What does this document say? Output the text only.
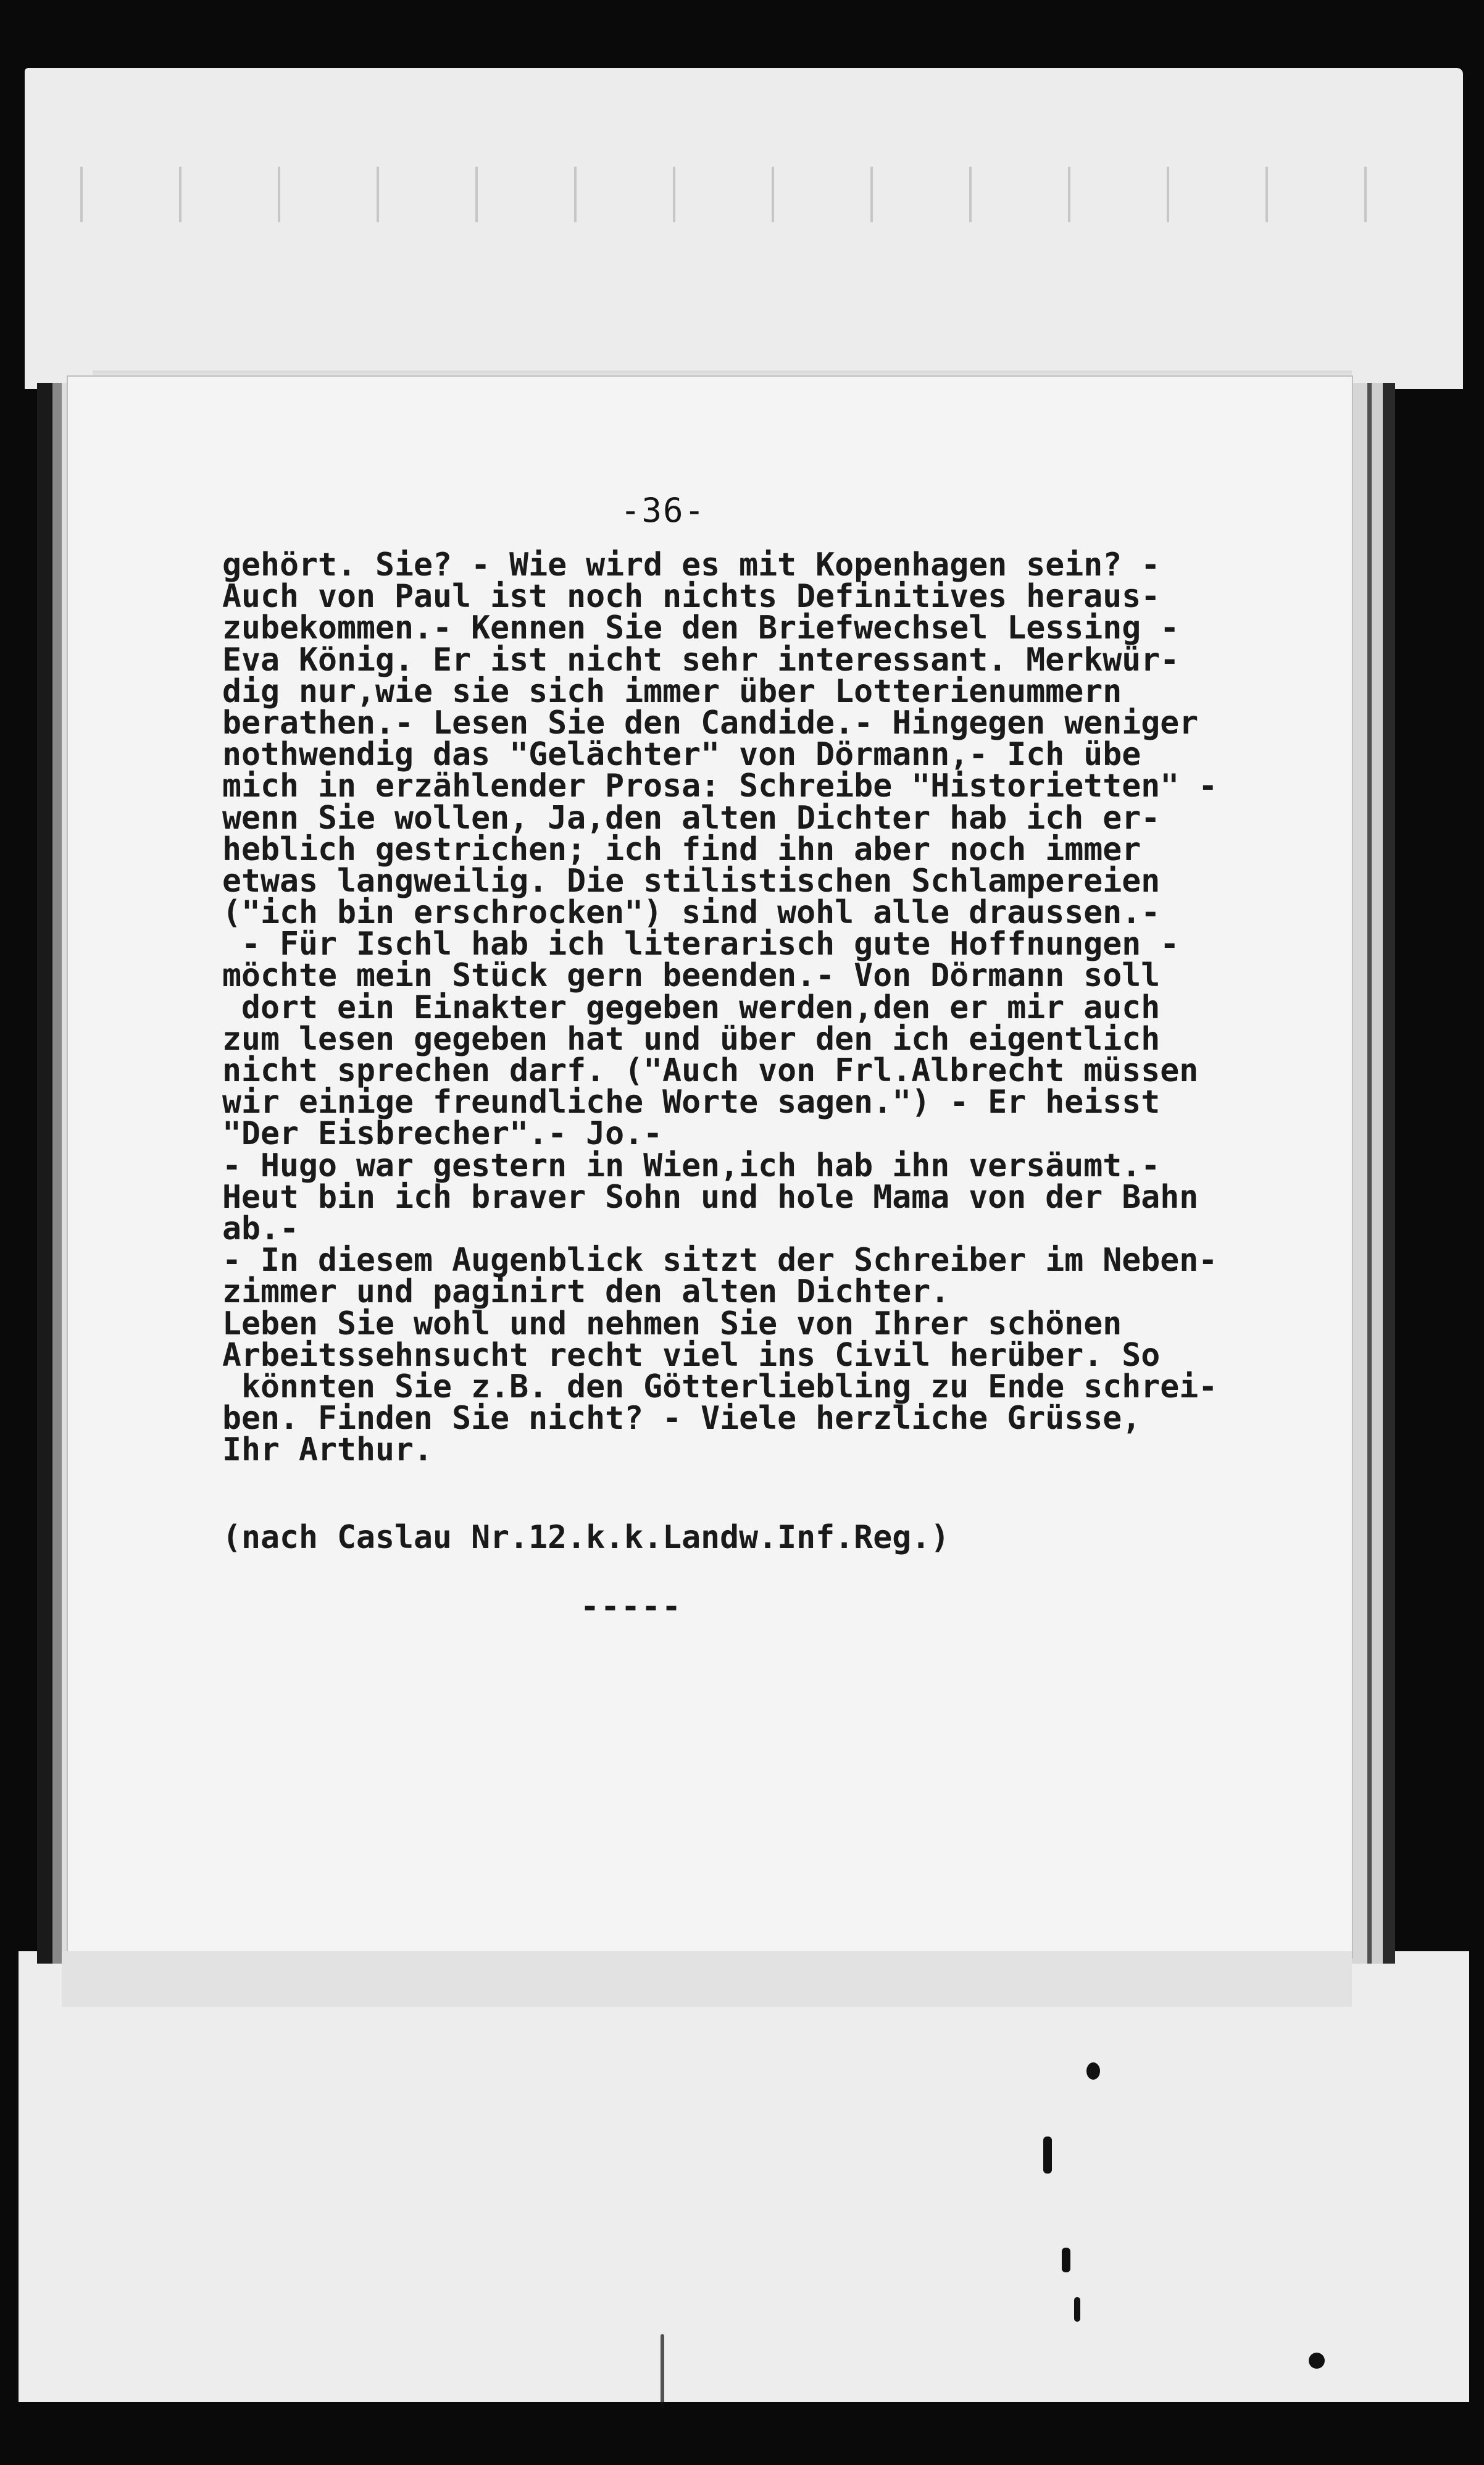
-36-
gehört. Sie? - Wie wird es mit Kopenhagen sein? -
Auch von Paul ist noch nichts Definitives heraus-
zubekommen.- Kennen Sie den Briefwechsel Lessing -
Eva König. Er ist nicht sehr interessant. Merkwür-
dig nur,wie sie sich immer über Lotterienummern
berathen.- Lesen Sie den Candide.- Hingegen weniger
nothwendig das "Gelächter" von Dörmann,- Ich übe
mich in erzählender Prosa: Schreibe "Historietten" -
wenn Sie wollen, Ja,den alten Dichter hab ich er-
heblich gestrichen; ich find ihn aber noch immer
etwas langweilig. Die stilistischen Schlampereien
("ich bin erschrocken") sind wohl alle draussen.-
- Für Ischl hab ich literarisch gute Hoffnungen -
möchte mein Stück gern beenden.- Von Dörmann soll
dort ein Einakter gegeben werden,den er mir auch
zum lesen gegeben hat und über den ich eigentlich
nicht sprechen darf. ("Auch von Frl.Albrecht müssen
wir einige freundliche Worte sagen.") - Er heisst
"Der Eisbrecher".- Jo.-
- Hugo war gestern in Wien,ich hab ihn versäumt.-
Heut bin ich braver Sohn und hole Mama von der Bahn
ab.-
- In diesem Augenblick sitzt der Schreiber im Neben-
zimmer und paginirt den alten Dichter.
Leben Sie wohl und nehmen Sie von Ihrer schönen
Arbeitssehnsucht recht viel ins Civil herüber. So
könnten Sie z.B. den Götterliebling zu Ende schrei-
ben. Finden Sie nicht? - Viele herzliche Grüsse,
Ihr Arthur.
(nach Caslau Nr.12.k.k.Landw.Inf.Reg.)
-----
